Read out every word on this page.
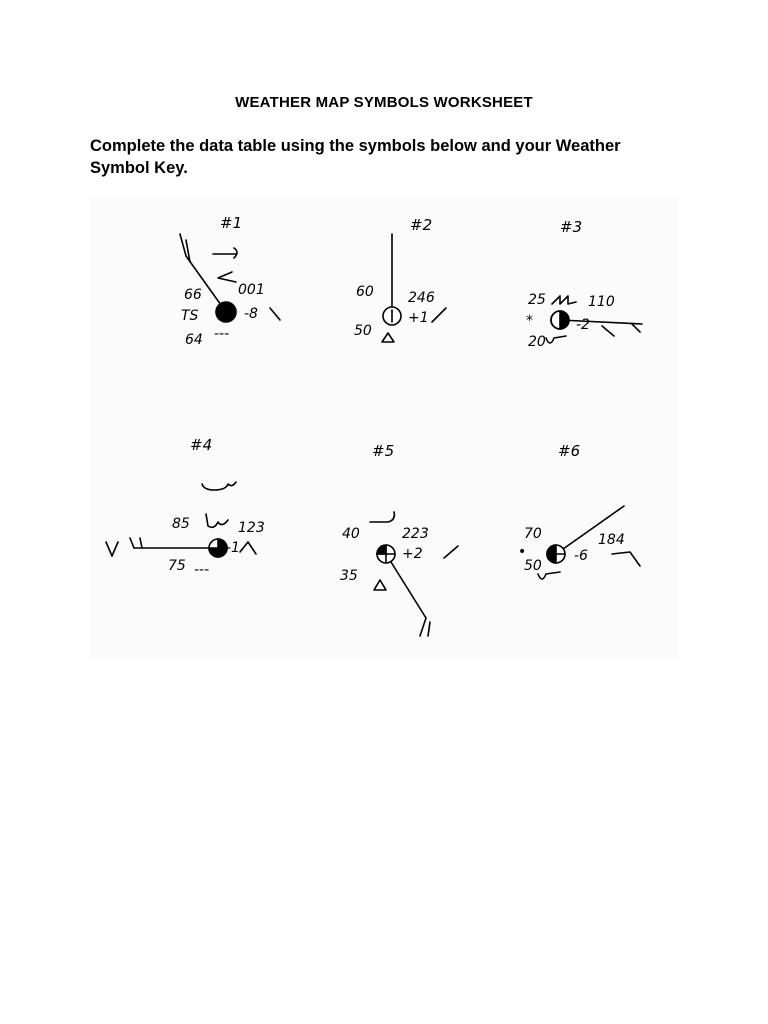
WEATHER MAP SYMBOLS WORKSHEET
Complete the data table using the symbols below and your Weather
Symbol Key.
#1
66
TS
64
001
-8
---
#2
60
50
246
+1
#3
25	110
*	-2
20
#4
85	123
-1
75 ---
#5
40	223
+2
35
#6
70	184
•	-6
50
